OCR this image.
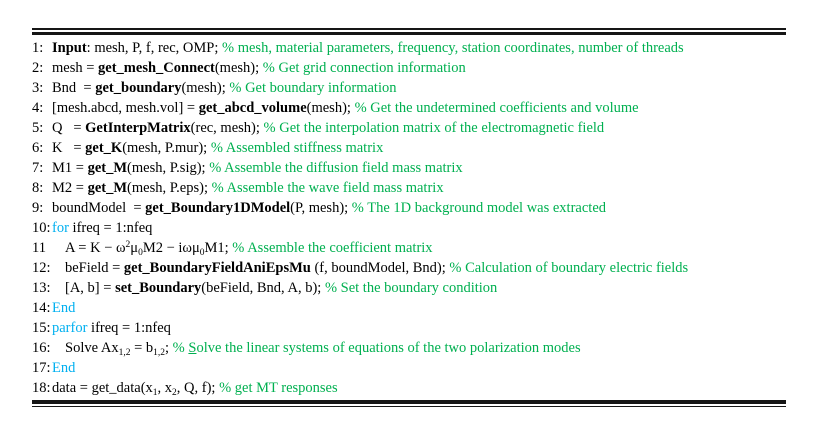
1: Input: mesh, P, f, rec, OMP; % mesh, material parameters, frequency, station coordinates, number of threads
2: mesh = get_mesh_Connect(mesh); % Get grid connection information
3: Bnd  = get_boundary(mesh); % Get boundary information
4: [mesh.abcd, mesh.vol] = get_abcd_volume(mesh); % Get the undetermined coefficients and volume
5: Q   = GetInterpMatrix(rec, mesh); % Get the interpolation matrix of the electromagnetic field
6: K   = get_K(mesh, P.mur); % Assembled stiffness matrix
7: M1 = get_M(mesh, P.sig); % Assemble the diffusion field mass matrix
8: M2 = get_M(mesh, P.eps); % Assemble the wave field mass matrix
9: boundModel  = get_Boundary1DModel(P, mesh); % The 1D background model was extracted
10: for ifreq = 1:nfeq
11	$A = K - \omega^2\mu_0M2 - i\omega\mu_0M1$; % Assemble the coefficient matrix
12: beField = get_BoundaryFieldAniEpsMu (f, boundModel, Bnd); % Calculation of boundary electric fields
13: [A, b] = set_Boundary(beField, Bnd, A, b); % Set the boundary condition
14: End
15: parfor ifreq = 1:nfeq
16: Solve $Ax_{1,2} = b_{1,2}$; % Solve the linear systems of equations of the two polarization modes
17: End
18: data = $get\_data(x_1$, $x_2$, Q, f); % get MT responses
